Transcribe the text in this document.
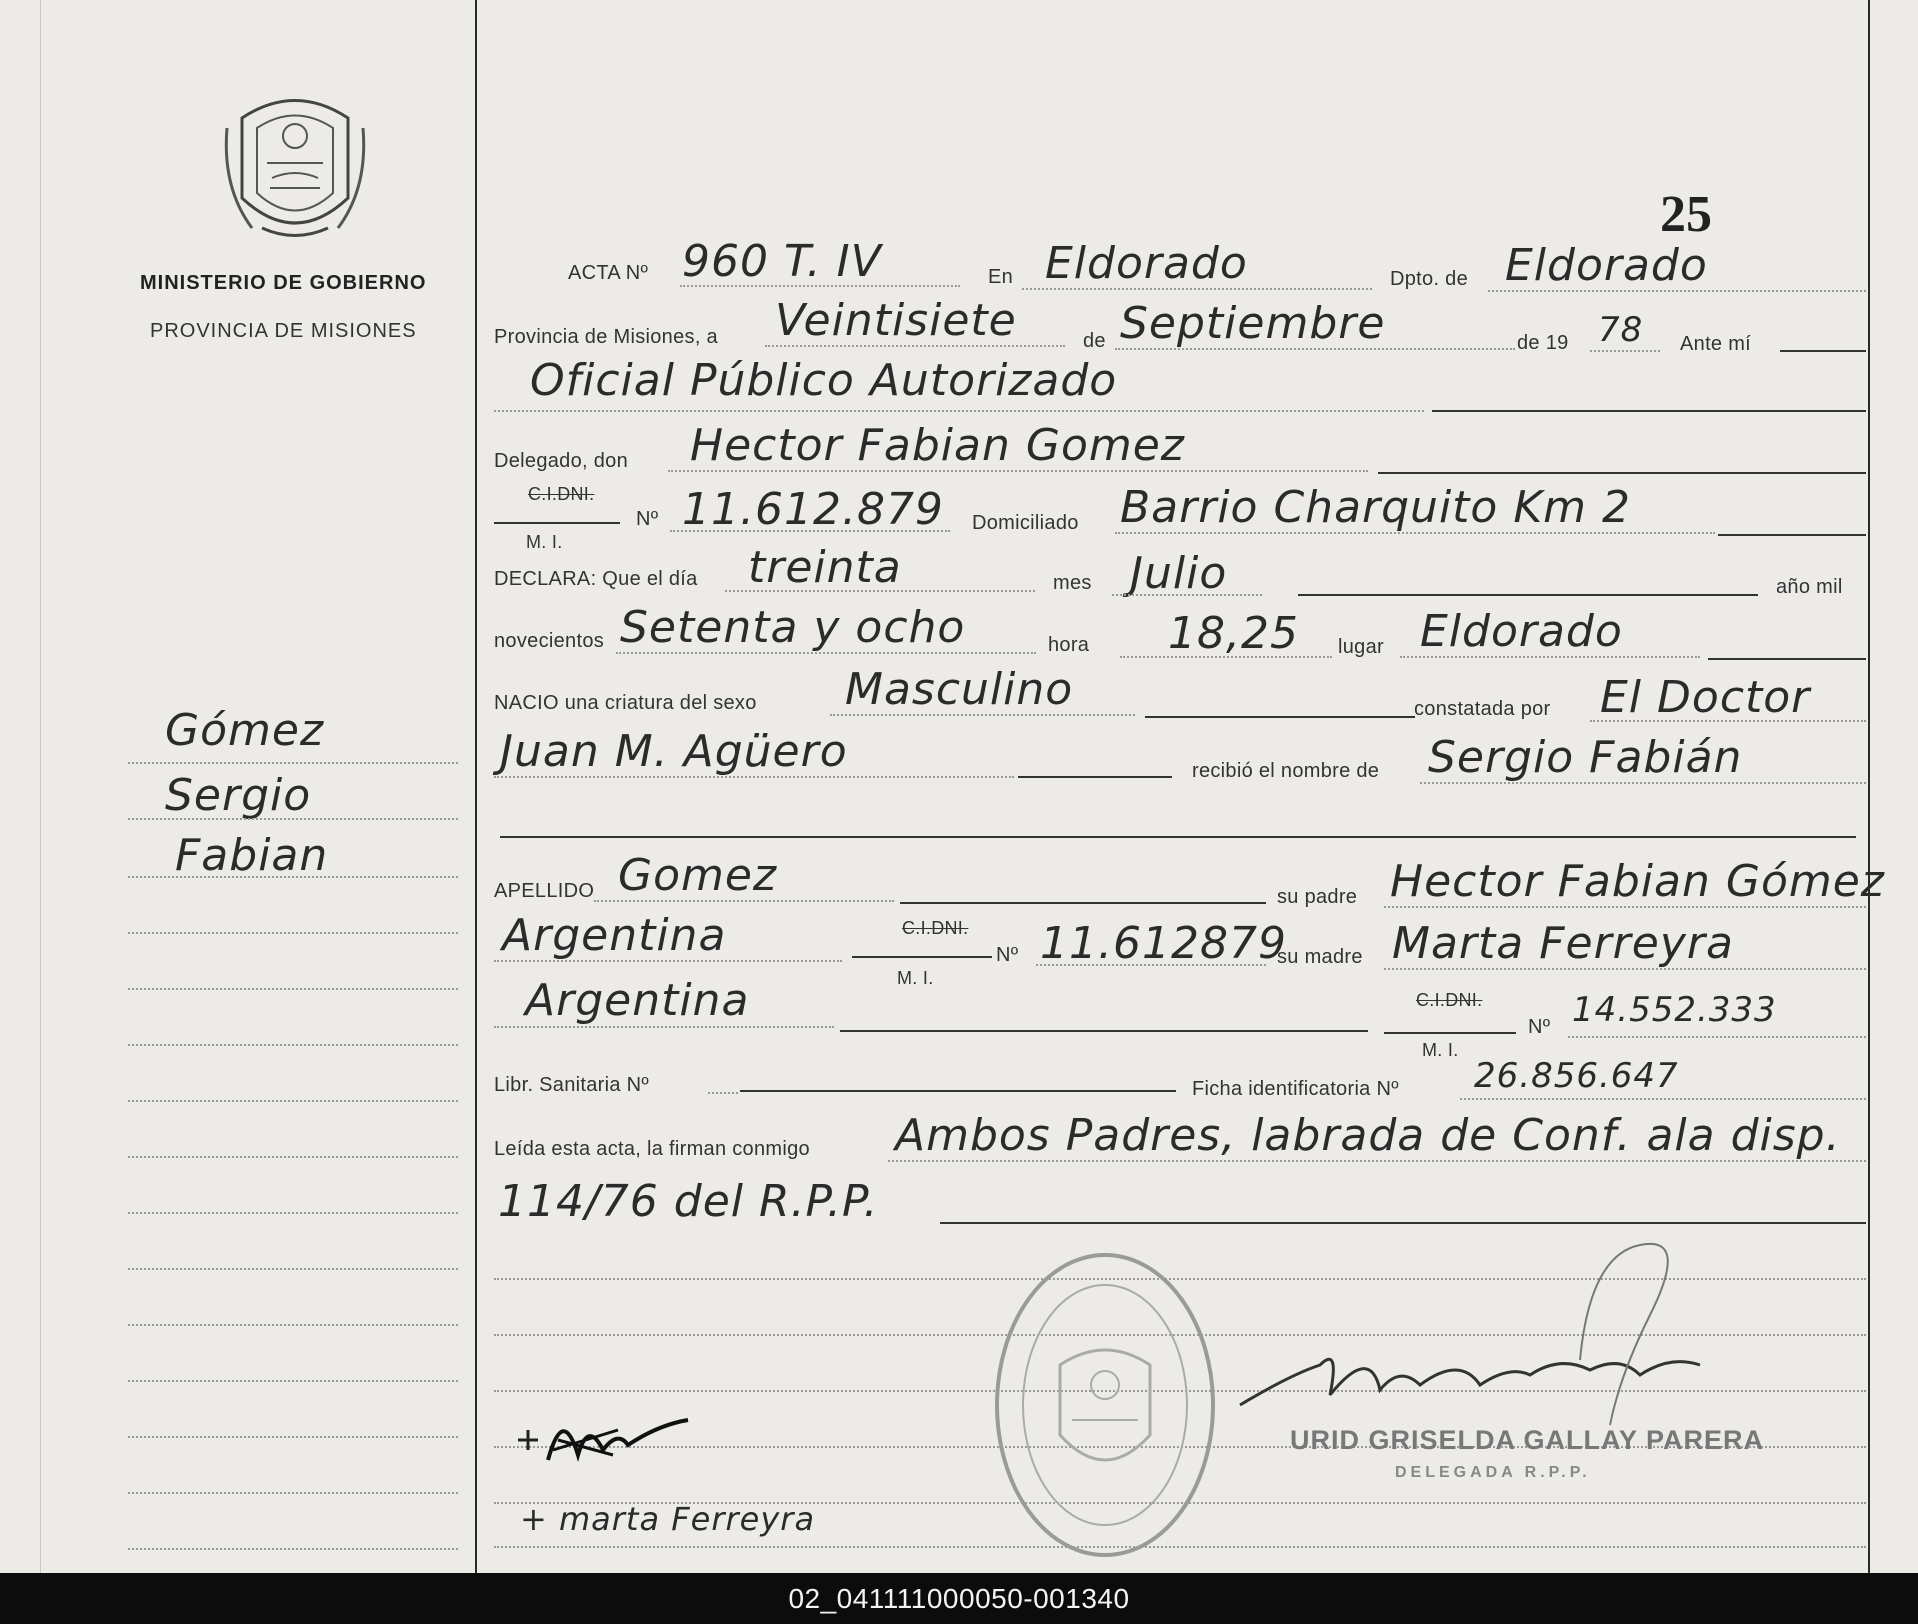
MINISTERIO DE GOBIERNO
PROVINCIA DE MISIONES
25
Gómez
Sergio
Fabian
ACTA Nº 960 T. IV	En Eldorado	Dpto. de Eldorado
Provincia de Misiones, a Veintisiete	de Septiembre	de 19 78 Ante mí
Oficial Público Autorizado
Delegado, don Hector Fabian Gomez
C.I.DNI.
M. I.
Nº 11.612.879 Domiciliado Barrio Charquito Km 2
DECLARA: Que el día treinta	mes Julio	año mil
novecientos Setenta y ocho	hora 18,25 lugar Eldorado
NACIO una criatura del sexo Masculino	constatada por El Doctor
Juan M. Agüero	recibió el nombre de Sergio Fabián
APELLIDO Gomez	su padre Hector Fabian Gómez
Argentina	C.I.DNI.
M. I.
Nº 11.612879
su madre Marta Ferreyra
Argentina	C.I.DNI.
M. I.
Nº 14.552.333
Libr. Sanitaria Nº	Ficha identificatoria Nº 26.856.647
Leída esta acta, la firman conmigo Ambos Padres, labrada de Conf. ala disp.
114/76 del R.P.P.
+ marta Ferreyra
URID GRISELDA GALLAY PARERA
DELEGADA R.P.P.
02_041111000050-001340
